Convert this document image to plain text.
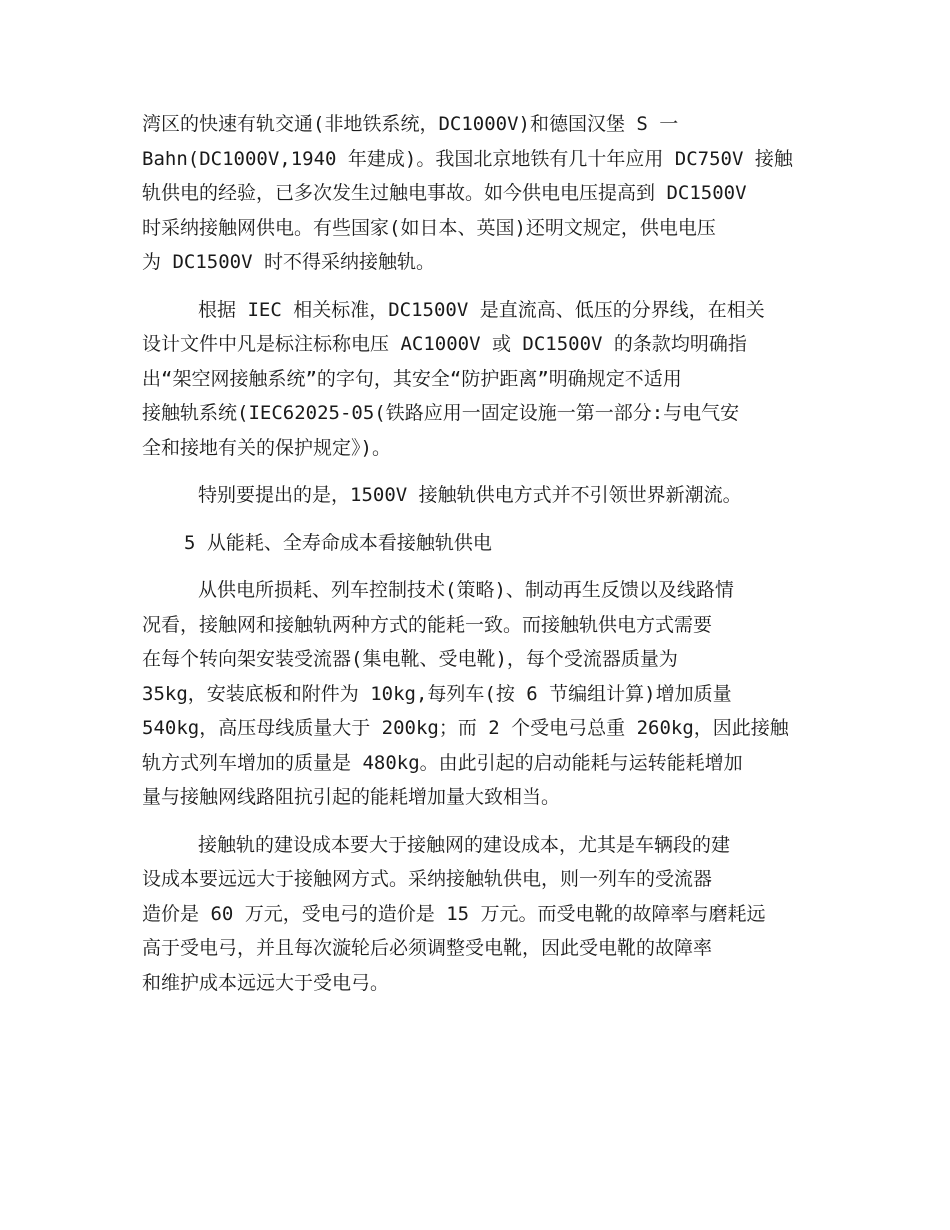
湾区的快速有轨交通(非地铁系统，DC1000V)和德国汉堡 S 一
Bahn(DC1000V,1940 年建成)。我国北京地铁有几十年应用 DC750V 接触
轨供电的经验，已多次发生过触电事故。如今供电电压提高到 DC1500V
时采纳接触网供电。有些国家(如日本、英国)还明文规定，供电电压
为 DC1500V 时不得采纳接触轨。
根据 IEC 相关标准，DC1500V 是直流高、低压的分界线，在相关
设计文件中凡是标注标称电压 AC1000V 或 DC1500V 的条款均明确指
出“架空网接触系统”的字句，其安全“防护距离”明确规定不适用
接触轨系统(IEC62025-05(铁路应用一固定设施一第一部分:与电气安
全和接地有关的保护规定》)。
特别要提出的是，1500V 接触轨供电方式并不引领世界新潮流。
5 从能耗、全寿命成本看接触轨供电
从供电所损耗、列车控制技术(策略)、制动再生反馈以及线路情
况看，接触网和接触轨两种方式的能耗一致。而接触轨供电方式需要
在每个转向架安装受流器(集电靴、受电靴)，每个受流器质量为
35kg，安装底板和附件为 10kg,每列车(按 6 节编组计算)增加质量
540kg，高压母线质量大于 200kg；而 2 个受电弓总重 260kg，因此接触
轨方式列车增加的质量是 480kg。由此引起的启动能耗与运转能耗增加
量与接触网线路阻抗引起的能耗增加量大致相当。
接触轨的建设成本要大于接触网的建设成本，尤其是车辆段的建
设成本要远远大于接触网方式。采纳接触轨供电，则一列车的受流器
造价是 60 万元，受电弓的造价是 15 万元。而受电靴的故障率与磨耗远
高于受电弓，并且每次漩轮后必须调整受电靴，因此受电靴的故障率
和维护成本远远大于受电弓。
